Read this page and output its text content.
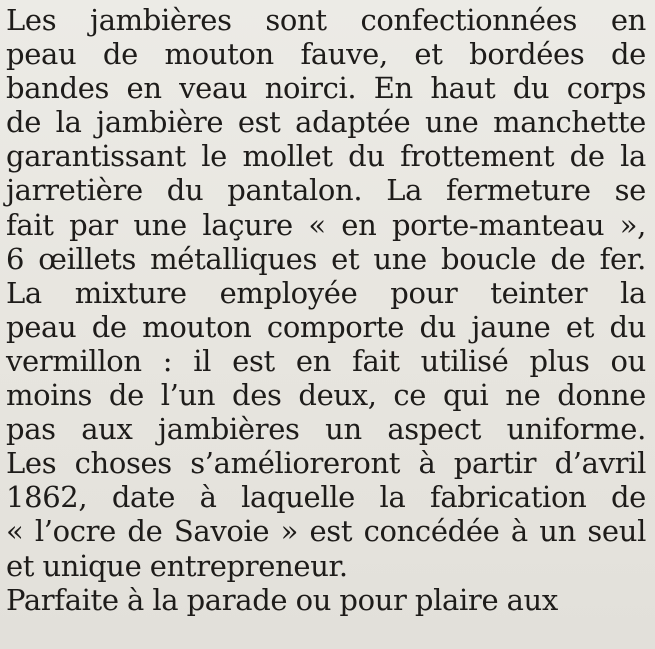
Les jambières sont confectionnées en
peau de mouton fauve, et bordées de
bandes en veau noirci. En haut du corps
de la jambière est adaptée une manchette
garantissant le mollet du frottement de la
jarretière du pantalon. La fermeture se
fait par une laçure « en porte-manteau »,
6 œillets métalliques et une boucle de fer.
La mixture employée pour teinter la
peau de mouton comporte du jaune et du
vermillon : il est en fait utilisé plus ou
moins de l’un des deux, ce qui ne donne
pas aux jambières un aspect uniforme.
Les choses s’amélioreront à partir d’avril
1862, date à laquelle la fabrication de
« l’ocre de Savoie » est concédée à un seul
et unique entrepreneur.
Parfaite à la parade ou pour plaire aux
